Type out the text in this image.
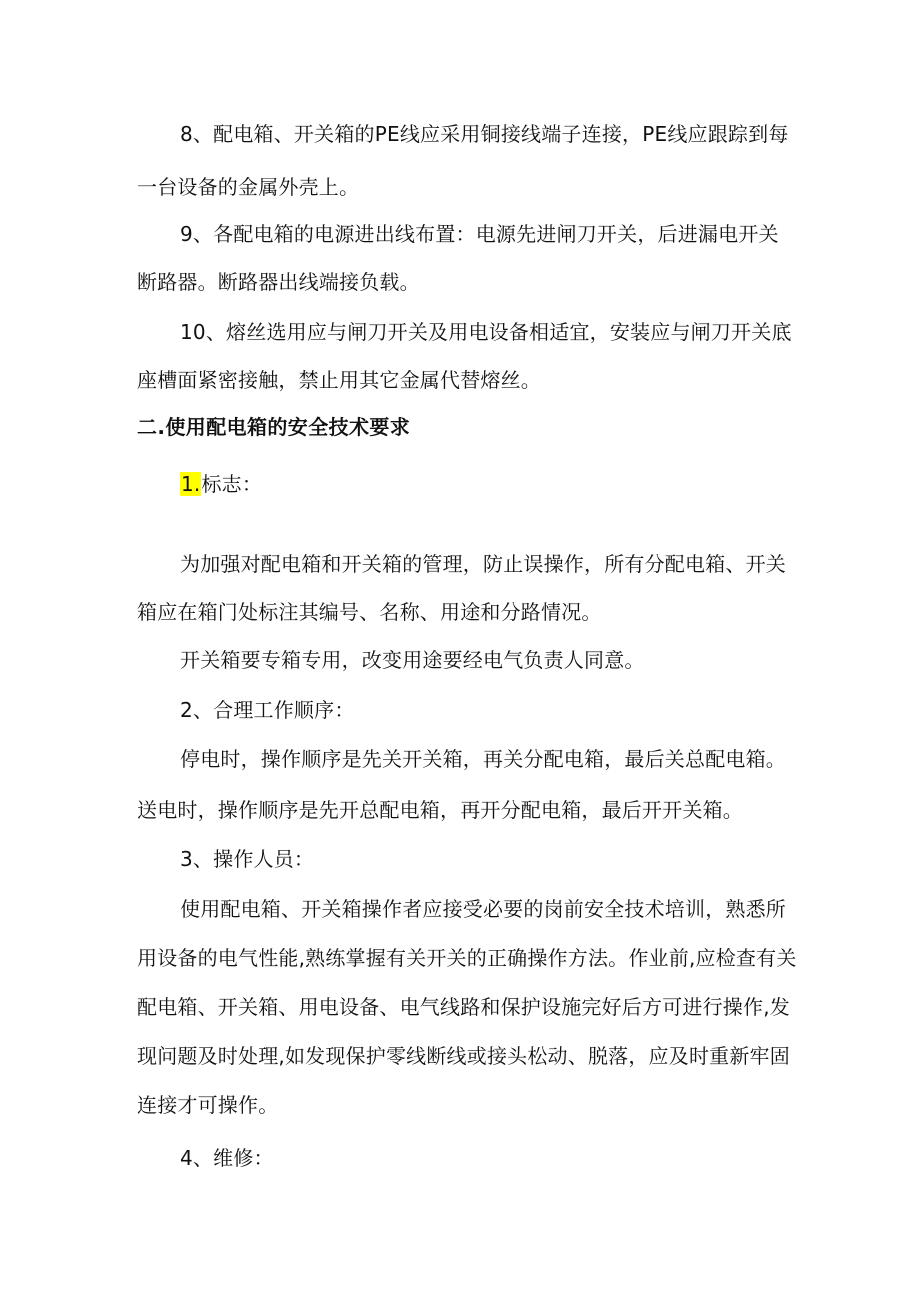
8、配电箱、开关箱的PE线应采用铜接线端子连接，PE线应跟踪到每
一台设备的金属外壳上。
9、各配电箱的电源进出线布置：电源先进闸刀开关，后进漏电开关
断路器。断路器出线端接负载。
10、熔丝选用应与闸刀开关及用电设备相适宜，安装应与闸刀开关底
座槽面紧密接触，禁止用其它金属代替熔丝。
二.使用配电箱的安全技术要求
1.标志：
为加强对配电箱和开关箱的管理，防止误操作，所有分配电箱、开关
箱应在箱门处标注其编号、名称、用途和分路情况。
开关箱要专箱专用，改变用途要经电气负责人同意。
2、合理工作顺序：
停电时，操作顺序是先关开关箱，再关分配电箱，最后关总配电箱。
送电时，操作顺序是先开总配电箱，再开分配电箱，最后开开关箱。
3、操作人员：
使用配电箱、开关箱操作者应接受必要的岗前安全技术培训，熟悉所
用设备的电气性能,熟练掌握有关开关的正确操作方法。作业前,应检查有关
配电箱、开关箱、用电设备、电气线路和保护设施完好后方可进行操作,发
现问题及时处理,如发现保护零线断线或接头松动、脱落，应及时重新牢固
连接才可操作。
4、维修：
